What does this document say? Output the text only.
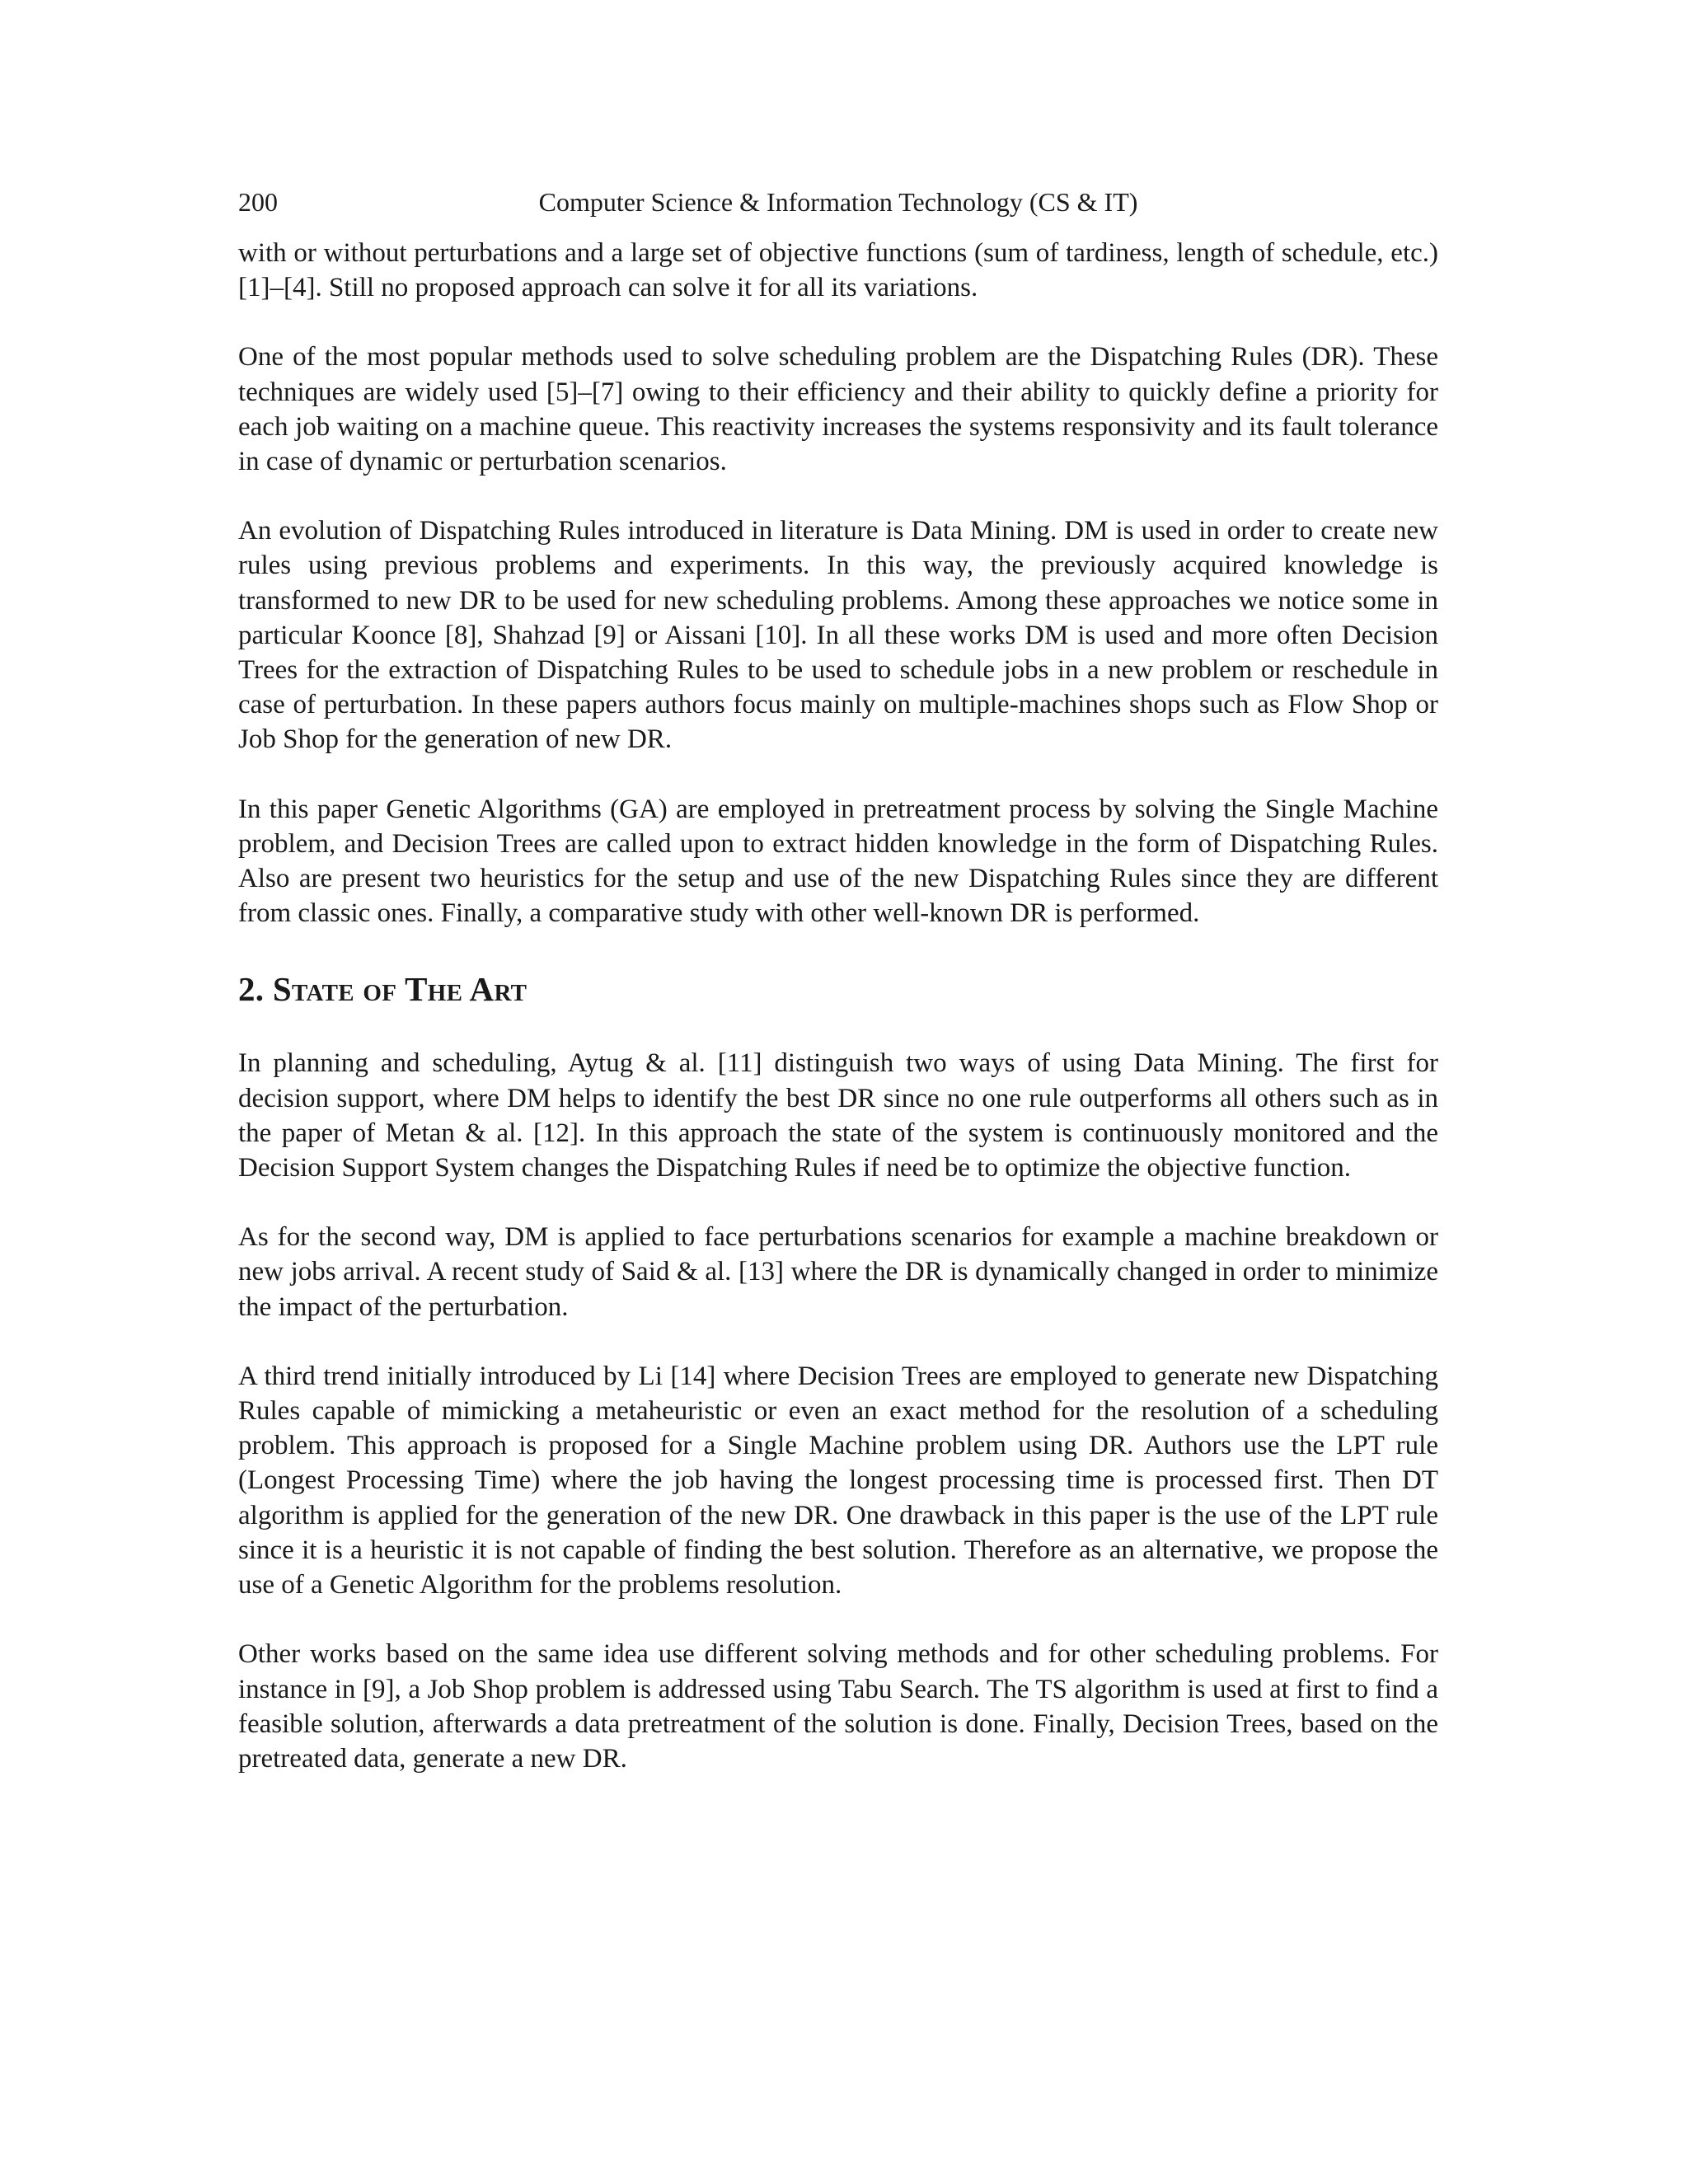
200	Computer Science & Information Technology (CS & IT)

with or without perturbations and a large set of objective functions (sum of tardiness, length of schedule, etc.) [1]–[4]. Still no proposed approach can solve it for all its variations.

One of the most popular methods used to solve scheduling problem are the Dispatching Rules (DR). These techniques are widely used [5]–[7] owing to their efficiency and their ability to quickly define a priority for each job waiting on a machine queue. This reactivity increases the systems responsivity and its fault tolerance in case of dynamic or perturbation scenarios.

An evolution of Dispatching Rules introduced in literature is Data Mining. DM is used in order to create new rules using previous problems and experiments. In this way, the previously acquired knowledge is transformed to new DR to be used for new scheduling problems. Among these approaches we notice some in particular Koonce [8], Shahzad [9] or Aissani [10]. In all these works DM is used and more often Decision Trees for the extraction of Dispatching Rules to be used to schedule jobs in a new problem or reschedule in case of perturbation. In these papers authors focus mainly on multiple-machines shops such as Flow Shop or Job Shop for the generation of new DR.

In this paper Genetic Algorithms (GA) are employed in pretreatment process by solving the Single Machine problem, and Decision Trees are called upon to extract hidden knowledge in the form of Dispatching Rules. Also are present two heuristics for the setup and use of the new Dispatching Rules since they are different from classic ones. Finally, a comparative study with other well-known DR is performed.

2. State of The Art

In planning and scheduling, Aytug & al. [11] distinguish two ways of using Data Mining. The first for decision support, where DM helps to identify the best DR since no one rule outperforms all others such as in the paper of Metan & al. [12]. In this approach the state of the system is continuously monitored and the Decision Support System changes the Dispatching Rules if need be to optimize the objective function.

As for the second way, DM is applied to face perturbations scenarios for example a machine breakdown or new jobs arrival. A recent study of Said & al. [13] where the DR is dynamically changed in order to minimize the impact of the perturbation.

A third trend initially introduced by Li [14] where Decision Trees are employed to generate new Dispatching Rules capable of mimicking a metaheuristic or even an exact method for the resolution of a scheduling problem. This approach is proposed for a Single Machine problem using DR. Authors use the LPT rule (Longest Processing Time) where the job having the longest processing time is processed first. Then DT algorithm is applied for the generation of the new DR. One drawback in this paper is the use of the LPT rule since it is a heuristic it is not capable of finding the best solution. Therefore as an alternative, we propose the use of a Genetic Algorithm for the problems resolution.

Other works based on the same idea use different solving methods and for other scheduling problems. For instance in [9], a Job Shop problem is addressed using Tabu Search. The TS algorithm is used at first to find a feasible solution, afterwards a data pretreatment of the solution is done. Finally, Decision Trees, based on the pretreated data, generate a new DR.
